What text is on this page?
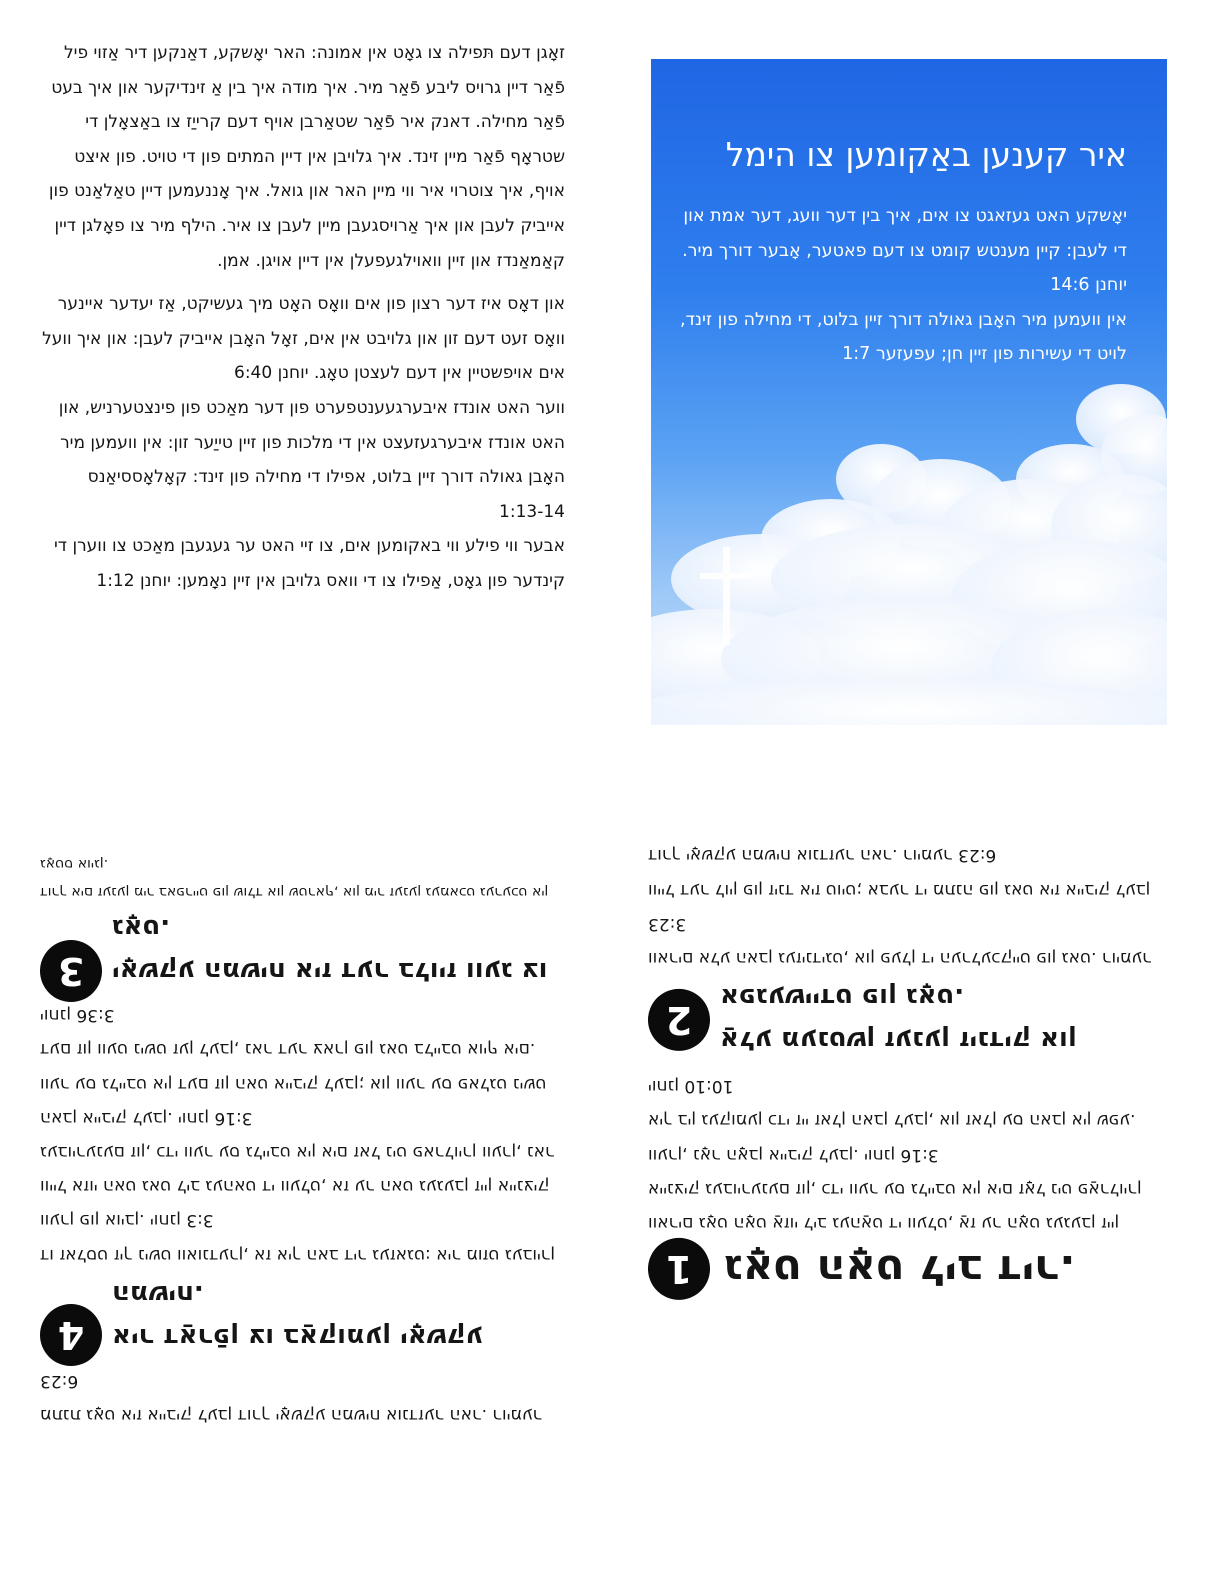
זאָגן דעם תּפילה צו גאָט אין אמונה: האר יאָשקע, דאַנקען דיר אַזוי פיל פֿאַר דיין גרויס ליבע פֿאַר מיר. איך מודה איך בין אַ זינדיקער און איך בעט פֿאַר מחילה. דאנק איר פֿאַר שטאַרבן אויף דעם קרייַז צו באַצאָלן די שטראָף פֿאַר מיין זינד. איך גלויבן אין דיין המתים פון די טויט. פון איצט אויף, איך צוטרוי איר ווי מיין האר און גואל. איך אָננעמען דיין טאַלאַנט פון אייביק לעבן און איך אַרויסגעבן מיין לעבן צו איר. הילף מיר צו פאָלגן דיין קאַמאַנדז און זיין וואוילגעפעלן אין דיין אויגן. אמן.

און דאָס איז דער רצון פון אים וואָס האָט מיך געשיקט, אַז יעדער איינער וואָס זעט דעם זון און גלויבט אין אים, זאָל האָבן אייביק לעבן: און איך וועל אים אויפשטיין אין דעם לעצטן טאָג. יוחנן 6:40
ווער האט אונדז איבערגעענטפערט פון דער מאַכט פון פינצטערניש, און האט אונדז איבערגעזעצט אין די מלכות פון זיין טייַער זון: אין וועמען מיר האָבן גאולה דורך זיין בלוט, אפילו די מחילה פון זינד: קאָלאָססיאַנס 1:13-14
אבער ווי פילע ווי באקומען אים, צו זיי האט ער געגעבן מאַכט צו ווערן די קינדער פון גאָט, אַפילו צו די וואס גלויבן אין זיין נאָמען: יוחנן 1:12

איר קענען באַקומען צו הימל

יאָשקע האט געזאגט צו אים, איך בין דער וועג, דער אמת און די לעבן: קיין מענטש קומט צו דעם פאטער, אָבער דורך מיר. יוחנן 14:6

אין וועמען מיר האָבן גאולה דורך זיין בלוט, די מחילה פון זינד, לויט די עשירות פון זיין חן; עפעזער 1:7

מתנת גאָט איז אייביק לעבן דורך יאָשקע המשיח אונדזער האר. רוימער 6:23

4	איר דאַרפֿן צו באַקומען יאָשקע המשיח.

דו זאלסט זיך נישט וואונדערן, אז איך האב דיר געזאגט: איר מוזט געבוירן ווערן פון אויבן. יוחנן 3:3
ווייל אזוי האט גאט ליב געהאט די וועלט, אז ער האט געגעבן זיין איינציק געבוירענעם זון, כדי ווער עס גלייבט אין אים זאל ניט פארלוירן ווערן, נאר האבן אייביק לעבן. יוחנן 3:16
ווער עס גלייבט אין דעם זון האט אייביק לעבן; און ווער עס פאלגט נישט דעם זון וועט נישט זען לעבן, נאר דער צארן פון גאט בלייבט אויף אים. יוחנן 3:36

3	יאָשקע המשיח איז דער בלויז וועג צו גאָט.

דורך אים זענען מיר באפרייט פון שולד און שטראף, און מיר זענען געמאכט גערעכט אין גאָטס אויגן.

1 גאָט האָט ליב דיר.

ווארים גאָט האָט אַזוי ליב געהאַט די וועלט, אַז ער האָט געגעבן זיין איינציק געבוירענעם זון, כדי ווער עס גלייבט אין אים זאָל ניט פאַרלוירן ווערן, נאָר האָבן אייביק לעבן. יוחנן 3:16
איך בין געקומען כדי זיי זאלן האבן לעבן, און זאלן עס האבן אין שפע. יוחנן 10:10

2	אַלע מענטשן זענען זינדיק און אפגעשיידט פון גאָט.

ווארים אלע האבן געזינדיגט, און פעלן די הערלעכקייט פון גאט. רוימער 3:23
ווייל דער לוין פון זינד איז טויט; אבער די מתנה פון גאט איז אייביק לעבן דורך יאָשקע המשיח אונדזער האר. רוימער 6:23
